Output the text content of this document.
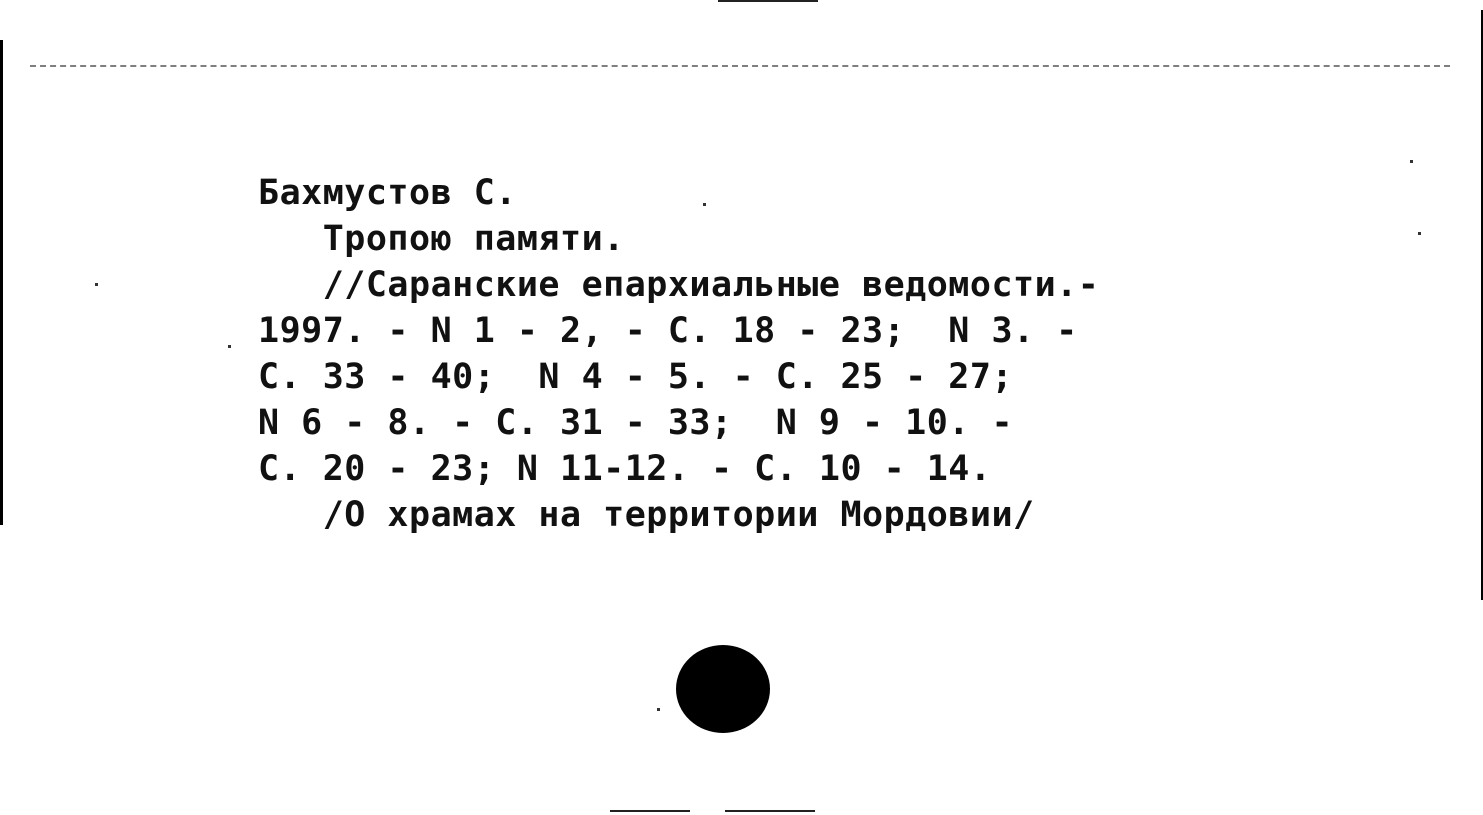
Бахмустов С.
Тропою памяти.
//Саранские епархиальные ведомости.-
1997. - N 1 - 2, - С. 18 - 23;  N 3. -
С. 33 - 40;  N 4 - 5. - С. 25 - 27;
N 6 - 8. - С. 31 - 33;  N 9 - 10. -
С. 20 - 23; N 11-12. - С. 10 - 14.
/О храмах на территории Мордовии/
